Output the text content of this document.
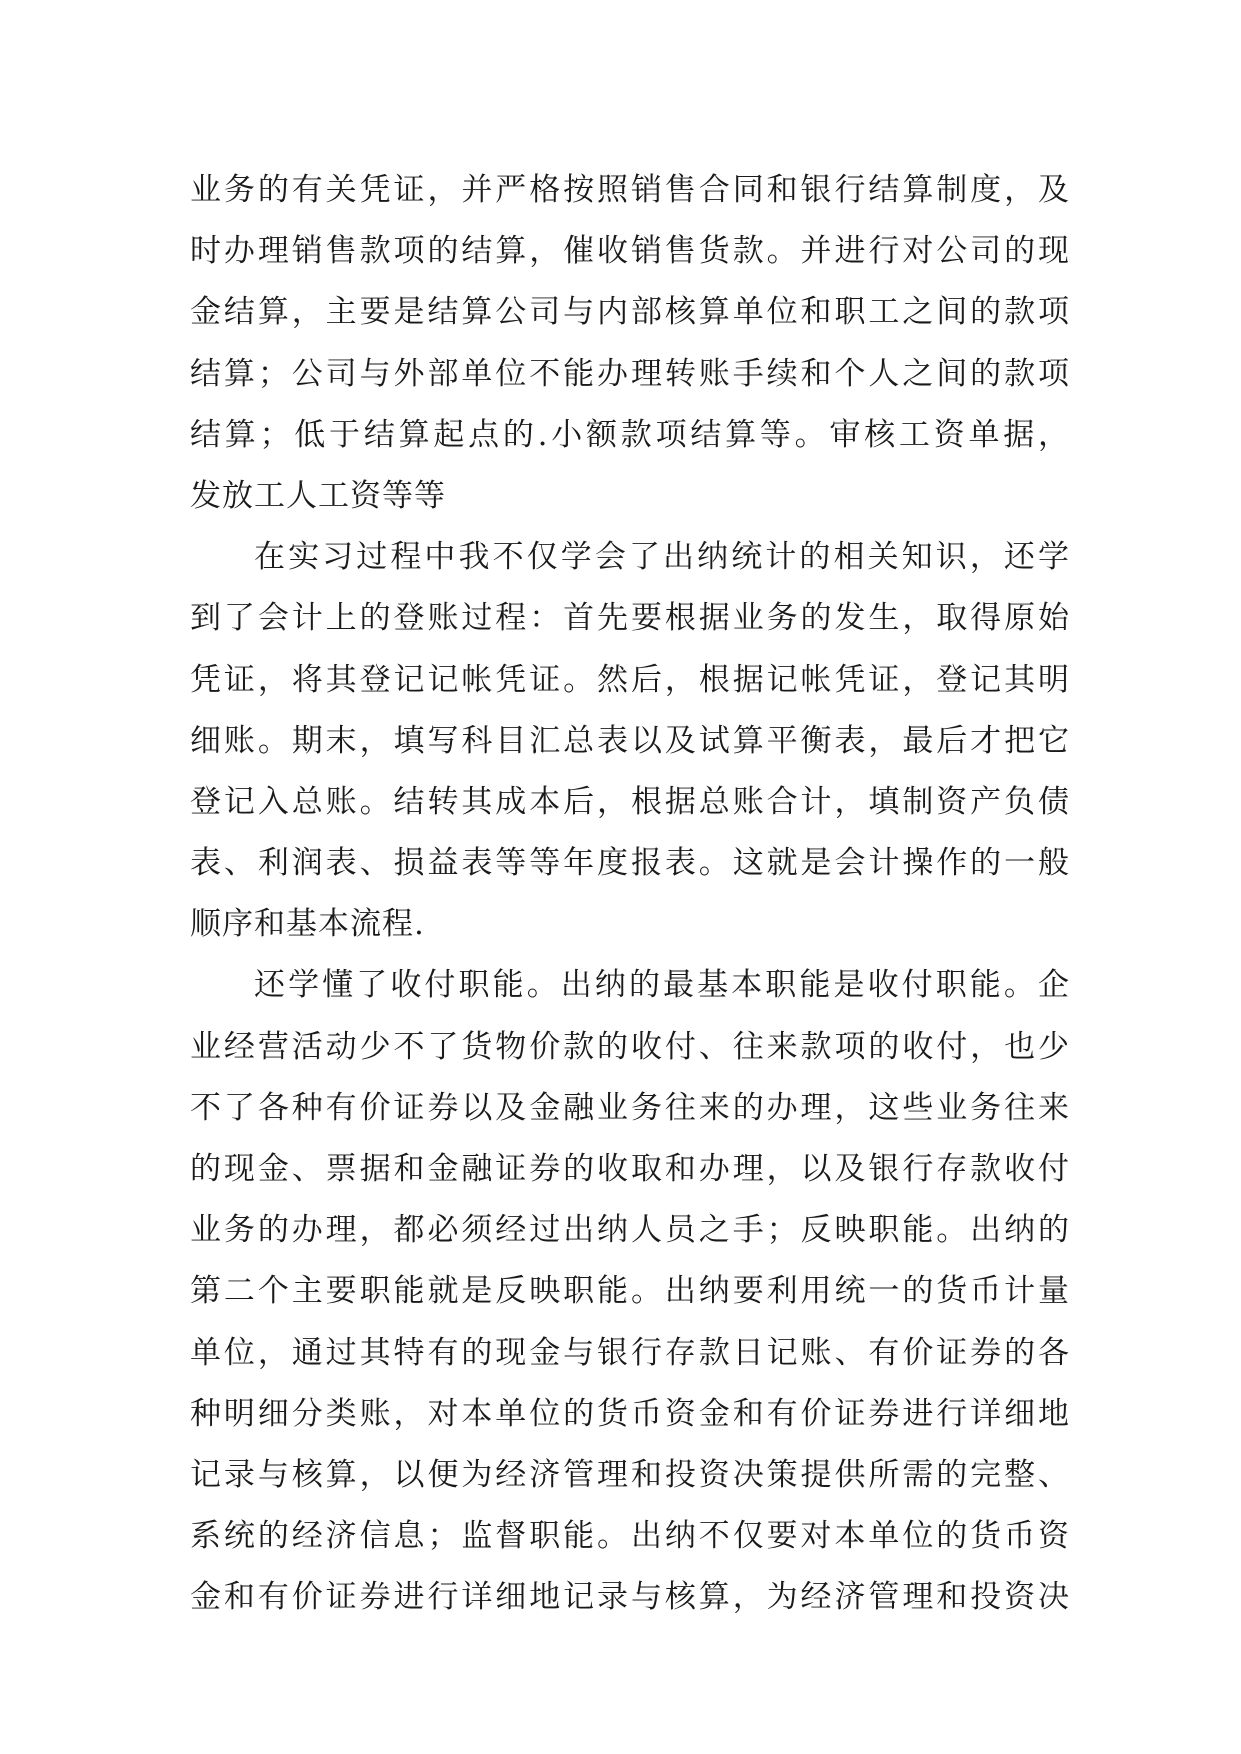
业务的有关凭证，并严格按照销售合同和银行结算制度，及
时办理销售款项的结算，催收销售货款。并进行对公司的现
金结算，主要是结算公司与内部核算单位和职工之间的款项
结算；公司与外部单位不能办理转账手续和个人之间的款项
结算；低于结算起点的.小额款项结算等。审核工资单据，
发放工人工资等等
在实习过程中我不仅学会了出纳统计的相关知识，还学
到了会计上的登账过程：首先要根据业务的发生，取得原始
凭证，将其登记记帐凭证。然后，根据记帐凭证，登记其明
细账。期末，填写科目汇总表以及试算平衡表，最后才把它
登记入总账。结转其成本后，根据总账合计，填制资产负债
表、利润表、损益表等等年度报表。这就是会计操作的一般
顺序和基本流程.
还学懂了收付职能。出纳的最基本职能是收付职能。企
业经营活动少不了货物价款的收付、往来款项的收付，也少
不了各种有价证券以及金融业务往来的办理，这些业务往来
的现金、票据和金融证券的收取和办理，以及银行存款收付
业务的办理，都必须经过出纳人员之手；反映职能。出纳的
第二个主要职能就是反映职能。出纳要利用统一的货币计量
单位，通过其特有的现金与银行存款日记账、有价证券的各
种明细分类账，对本单位的货币资金和有价证券进行详细地
记录与核算，以便为经济管理和投资决策提供所需的完整、
系统的经济信息；监督职能。出纳不仅要对本单位的货币资
金和有价证券进行详细地记录与核算，为经济管理和投资决
